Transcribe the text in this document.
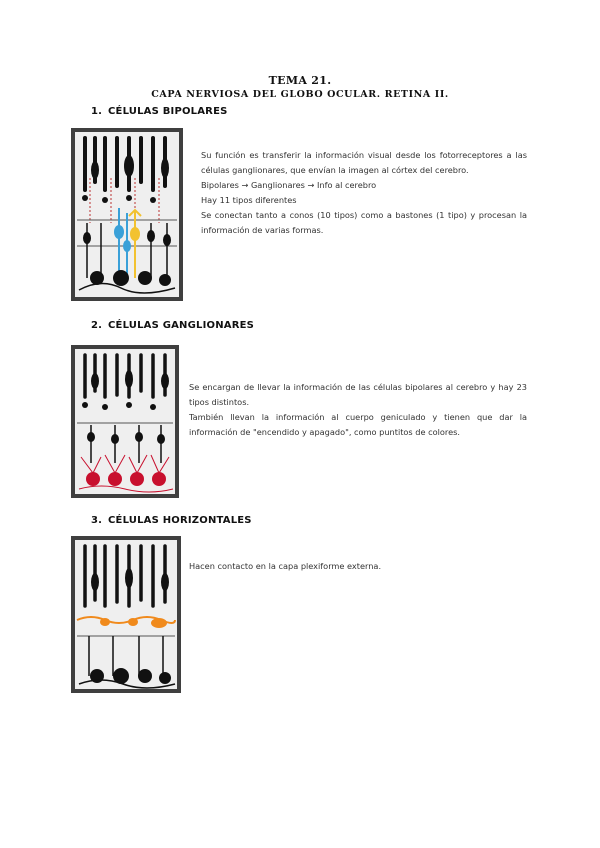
TEMA 21.
CAPA NERVIOSA DEL GLOBO OCULAR. RETINA II.
1. CÉLULAS BIPOLARES

Su función es transferir la información visual desde los fotorreceptores a las células ganglionares, que envían la imagen al córtex del cerebro.

Bipolares → Ganglionares → Info al cerebro

Hay 11 tipos diferentes

Se conectan tanto a conos (10 tipos) como a bastones (1 tipo) y procesan la información de varias formas.

2. CÉLULAS GANGLIONARES

Se encargan de llevar la información de las células bipolares al cerebro y hay 23 tipos distintos.

También llevan la información al cuerpo geniculado y tienen que dar la información de "encendido y apagado", como puntitos de colores.

3. CÉLULAS HORIZONTALES

Hacen contacto en la capa plexiforme externa.
